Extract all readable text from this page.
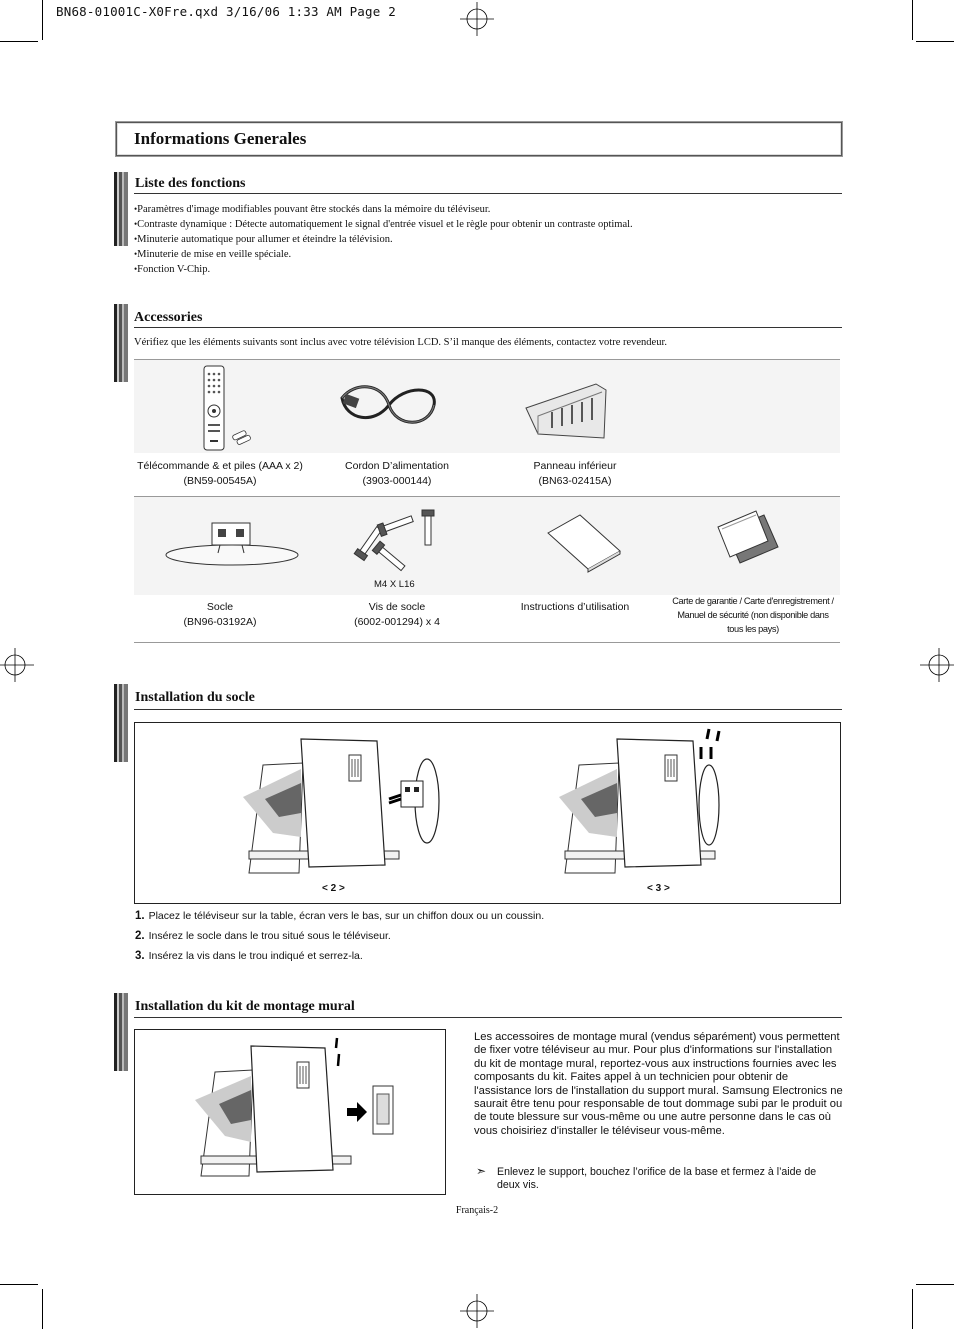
BN68-01001C-X0Fre.qxd 3/16/06 1:33 AM Page 2
Informations Generales
Liste des fonctions
• Paramètres d'image modifiables pouvant être stockés dans la mémoire du téléviseur.
• Contraste dynamique : Détecte automatiquement le signal d'entrée visuel et le règle pour obtenir un contraste optimal.
• Minuterie automatique pour allumer et éteindre la télévision.
• Minuterie de mise en veille spéciale.
• Fonction V-Chip.
Accessories
Vérifiez que les éléments suivants sont inclus avec votre télévision LCD. S’il manque des éléments, contactez votre revendeur.
Télécommande & et piles (AAA x 2)
(BN59-00545A)
Cordon D’alimentation
(3903-000144)
Panneau inférieur
(BN63-02415A)
M4 X L16
Socle
(BN96-03192A)
Vis de socle
(6002-001294) x 4
Instructions d’utilisation	Carte de garantie / Carte d'enregistrement /
Manuel de sécurité (non disponible dans
tous les pays)
Installation du socle
< 2 >	< 3 >
1. Placez le téléviseur sur la table, écran vers le bas, sur un chiffon doux ou un coussin.
2. Insérez le socle dans le trou situé sous le téléviseur.
3. Insérez la vis dans le trou indiqué et serrez-la.
Installation du kit de montage mural
Les accessoires de montage mural (vendus séparément) vous permettent de fixer votre téléviseur au mur. Pour plus d'informations sur l'installation du kit de montage mural, reportez-vous aux instructions fournies avec les composants du kit. Faites appel à un technicien pour obtenir de l'assistance lors de l'installation du support mural. Samsung Electronics ne saurait être tenu pour responsable de tout dommage subi par le produit ou de toute blessure sur vous-même ou une autre personne dans le cas où vous choisiriez d'installer le téléviseur vous-même.
➣ Enlevez le support, bouchez l’orifice de la base et fermez à l’aide de deux vis.
Français-2
